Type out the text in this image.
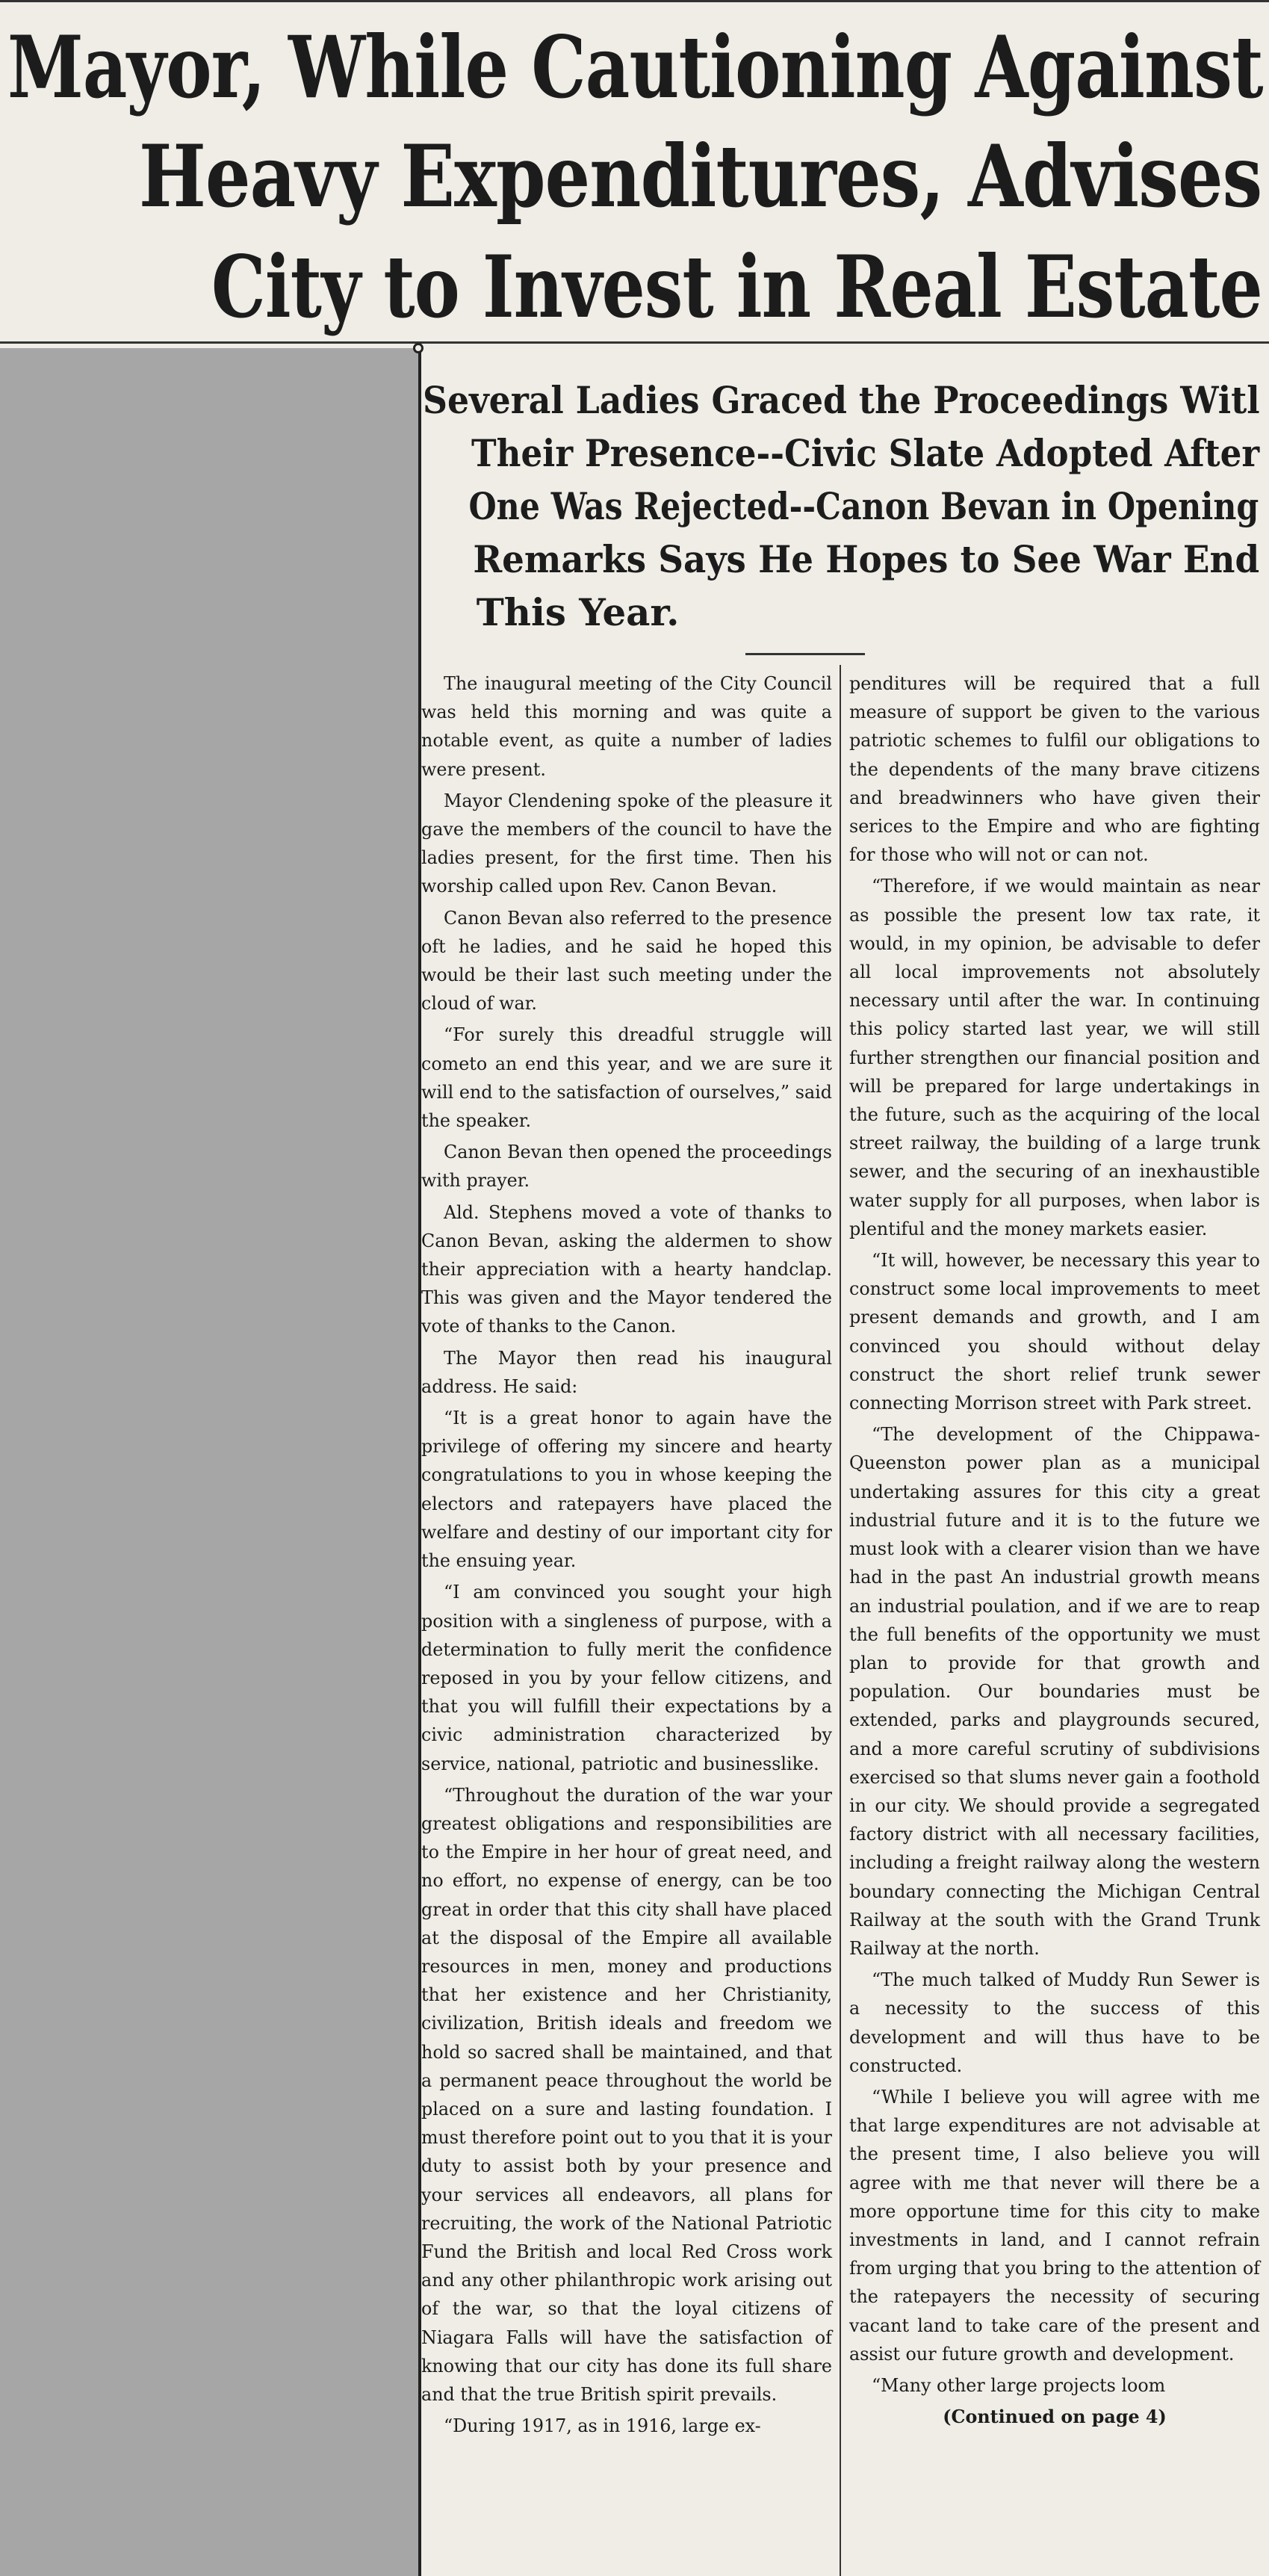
Mayor, While Cautioning Against
Heavy Expenditures, Advises
City to Invest in Real Estate
Several Ladies Graced the Proceedings Witl
Their Presence--Civic Slate Adopted After
One Was Rejected--Canon Bevan in Opening
Remarks Says He Hopes to See War End
This Year.

The inaugural meeting of the City Council was held this morning and was quite a notable event, as quite a number of ladies were present.

Mayor Clendening spoke of the pleasure it gave the members of the council to have the ladies present, for the first time. Then his worship called upon Rev. Canon Bevan.

Canon Bevan also referred to the presence oft he ladies, and he said he hoped this would be their last such meeting under the cloud of war.

“For surely this dreadful struggle will cometo an end this year, and we are sure it will end to the satisfaction of ourselves,” said the speaker.

Canon Bevan then opened the proceedings with prayer.

Ald. Stephens moved a vote of thanks to Canon Bevan, asking the aldermen to show their appreciation with a hearty handclap. This was given and the Mayor tendered the vote of thanks to the Canon.

The Mayor then read his inaugural address. He said:

“It is a great honor to again have the privilege of offering my sincere and hearty congratulations to you in whose keeping the electors and ratepayers have placed the welfare and destiny of our important city for the ensuing year.

“I am convinced you sought your high position with a singleness of purpose, with a determination to fully merit the confidence reposed in you by your fellow citizens, and that you will fulfill their expectations by a civic administration characterized by service, national, patriotic and businesslike.

“Throughout the duration of the war your greatest obligations and responsibilities are to the Empire in her hour of great need, and no effort, no expense of energy, can be too great in order that this city shall have placed at the disposal of the Empire all available resources in men, money and productions that her existence and her Christianity, civilization, British ideals and freedom we hold so sacred shall be maintained, and that a permanent peace throughout the world be placed on a sure and lasting foundation. I must therefore point out to you that it is your duty to assist both by your presence and your services all endeavors, all plans for recruiting, the work of the National Patriotic Fund the British and local Red Cross work and any other philanthropic work arising out of the war, so that the loyal citizens of Niagara Falls will have the satisfaction of knowing that our city has done its full share and that the true British spirit prevails.

“During 1917, as in 1916, large ex-

penditures will be required that a full measure of support be given to the various patriotic schemes to fulfil our obligations to the dependents of the many brave citizens and breadwinners who have given their serices to the Empire and who are fighting for those who will not or can not.

“Therefore, if we would maintain as near as possible the present low tax rate, it would, in my opinion, be advisable to defer all local improvements not absolutely necessary until after the war. In continuing this policy started last year, we will still further strengthen our financial position and will be prepared for large undertakings in the future, such as the acquiring of the local street railway, the building of a large trunk sewer, and the securing of an inexhaustible water supply for all purposes, when labor is plentiful and the money markets easier.

“It will, however, be necessary this year to construct some local improvements to meet present demands and growth, and I am convinced you should without delay construct the short relief trunk sewer connecting Morrison street with Park street.

“The development of the Chippawa-Queenston power plan as a municipal undertaking assures for this city a great industrial future and it is to the future we must look with a clearer vision than we have had in the past An industrial growth means an industrial poulation, and if we are to reap the full benefits of the opportunity we must plan to provide for that growth and population. Our boundaries must be extended, parks and playgrounds secured, and a more careful scrutiny of subdivisions exercised so that slums never gain a foothold in our city. We should provide a segregated factory district with all necessary facilities, including a freight railway along the western boundary connecting the Michigan Central Railway at the south with the Grand Trunk Railway at the north.

“The much talked of Muddy Run Sewer is a necessity to the success of this development and will thus have to be constructed.

“While I believe you will agree with me that large expenditures are not advisable at the present time, I also believe you will agree with me that never will there be a more opportune time for this city to make investments in land, and I cannot refrain from urging that you bring to the attention of the ratepayers the necessity of securing vacant land to take care of the present and assist our future growth and development.

“Many other large projects loom

(Continued on page 4)
